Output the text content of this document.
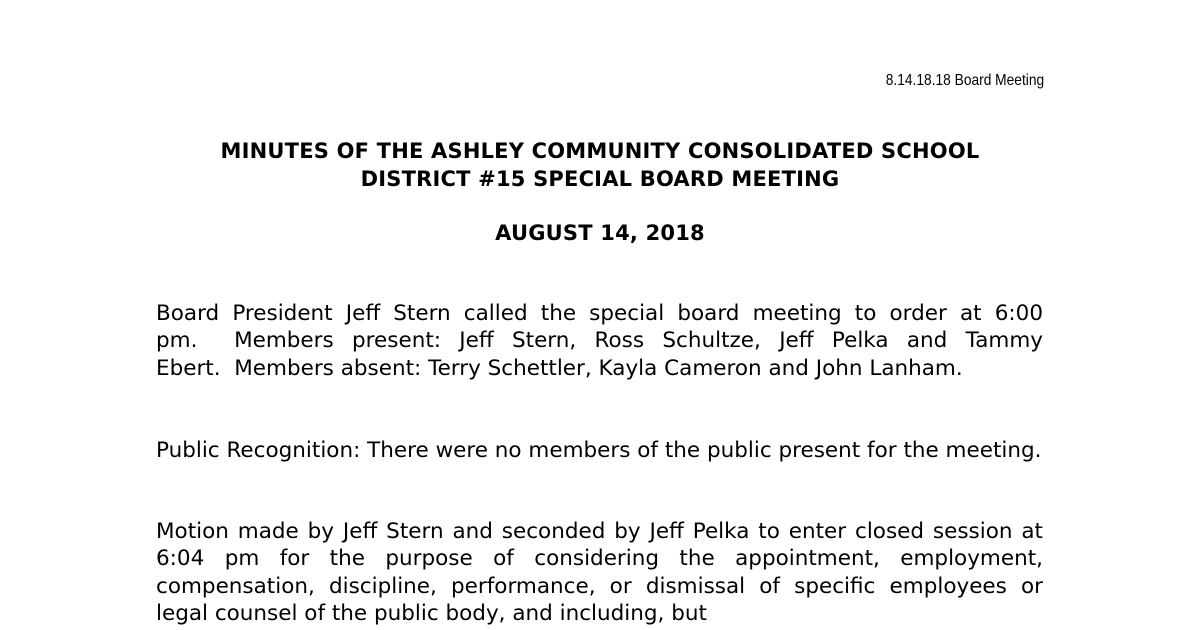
8.14.18.18 Board Meeting
MINUTES OF THE ASHLEY COMMUNITY CONSOLIDATED SCHOOL
DISTRICT #15 SPECIAL BOARD MEETING
AUGUST 14, 2018

Board President Jeff Stern called the special board meeting to order at 6:00 pm.  Members present: Jeff Stern, Ross Schultze, Jeff Pelka and Tammy Ebert.  Members absent: Terry Schettler, Kayla Cameron and John Lanham.

Public Recognition: There were no members of the public present for the meeting.

Motion made by Jeff Stern and seconded by Jeff Pelka to enter closed session at 6:04 pm for the purpose of considering the appointment, employment, compensation, discipline, performance, or dismissal of specific employees or legal counsel of the public body, and including, but
